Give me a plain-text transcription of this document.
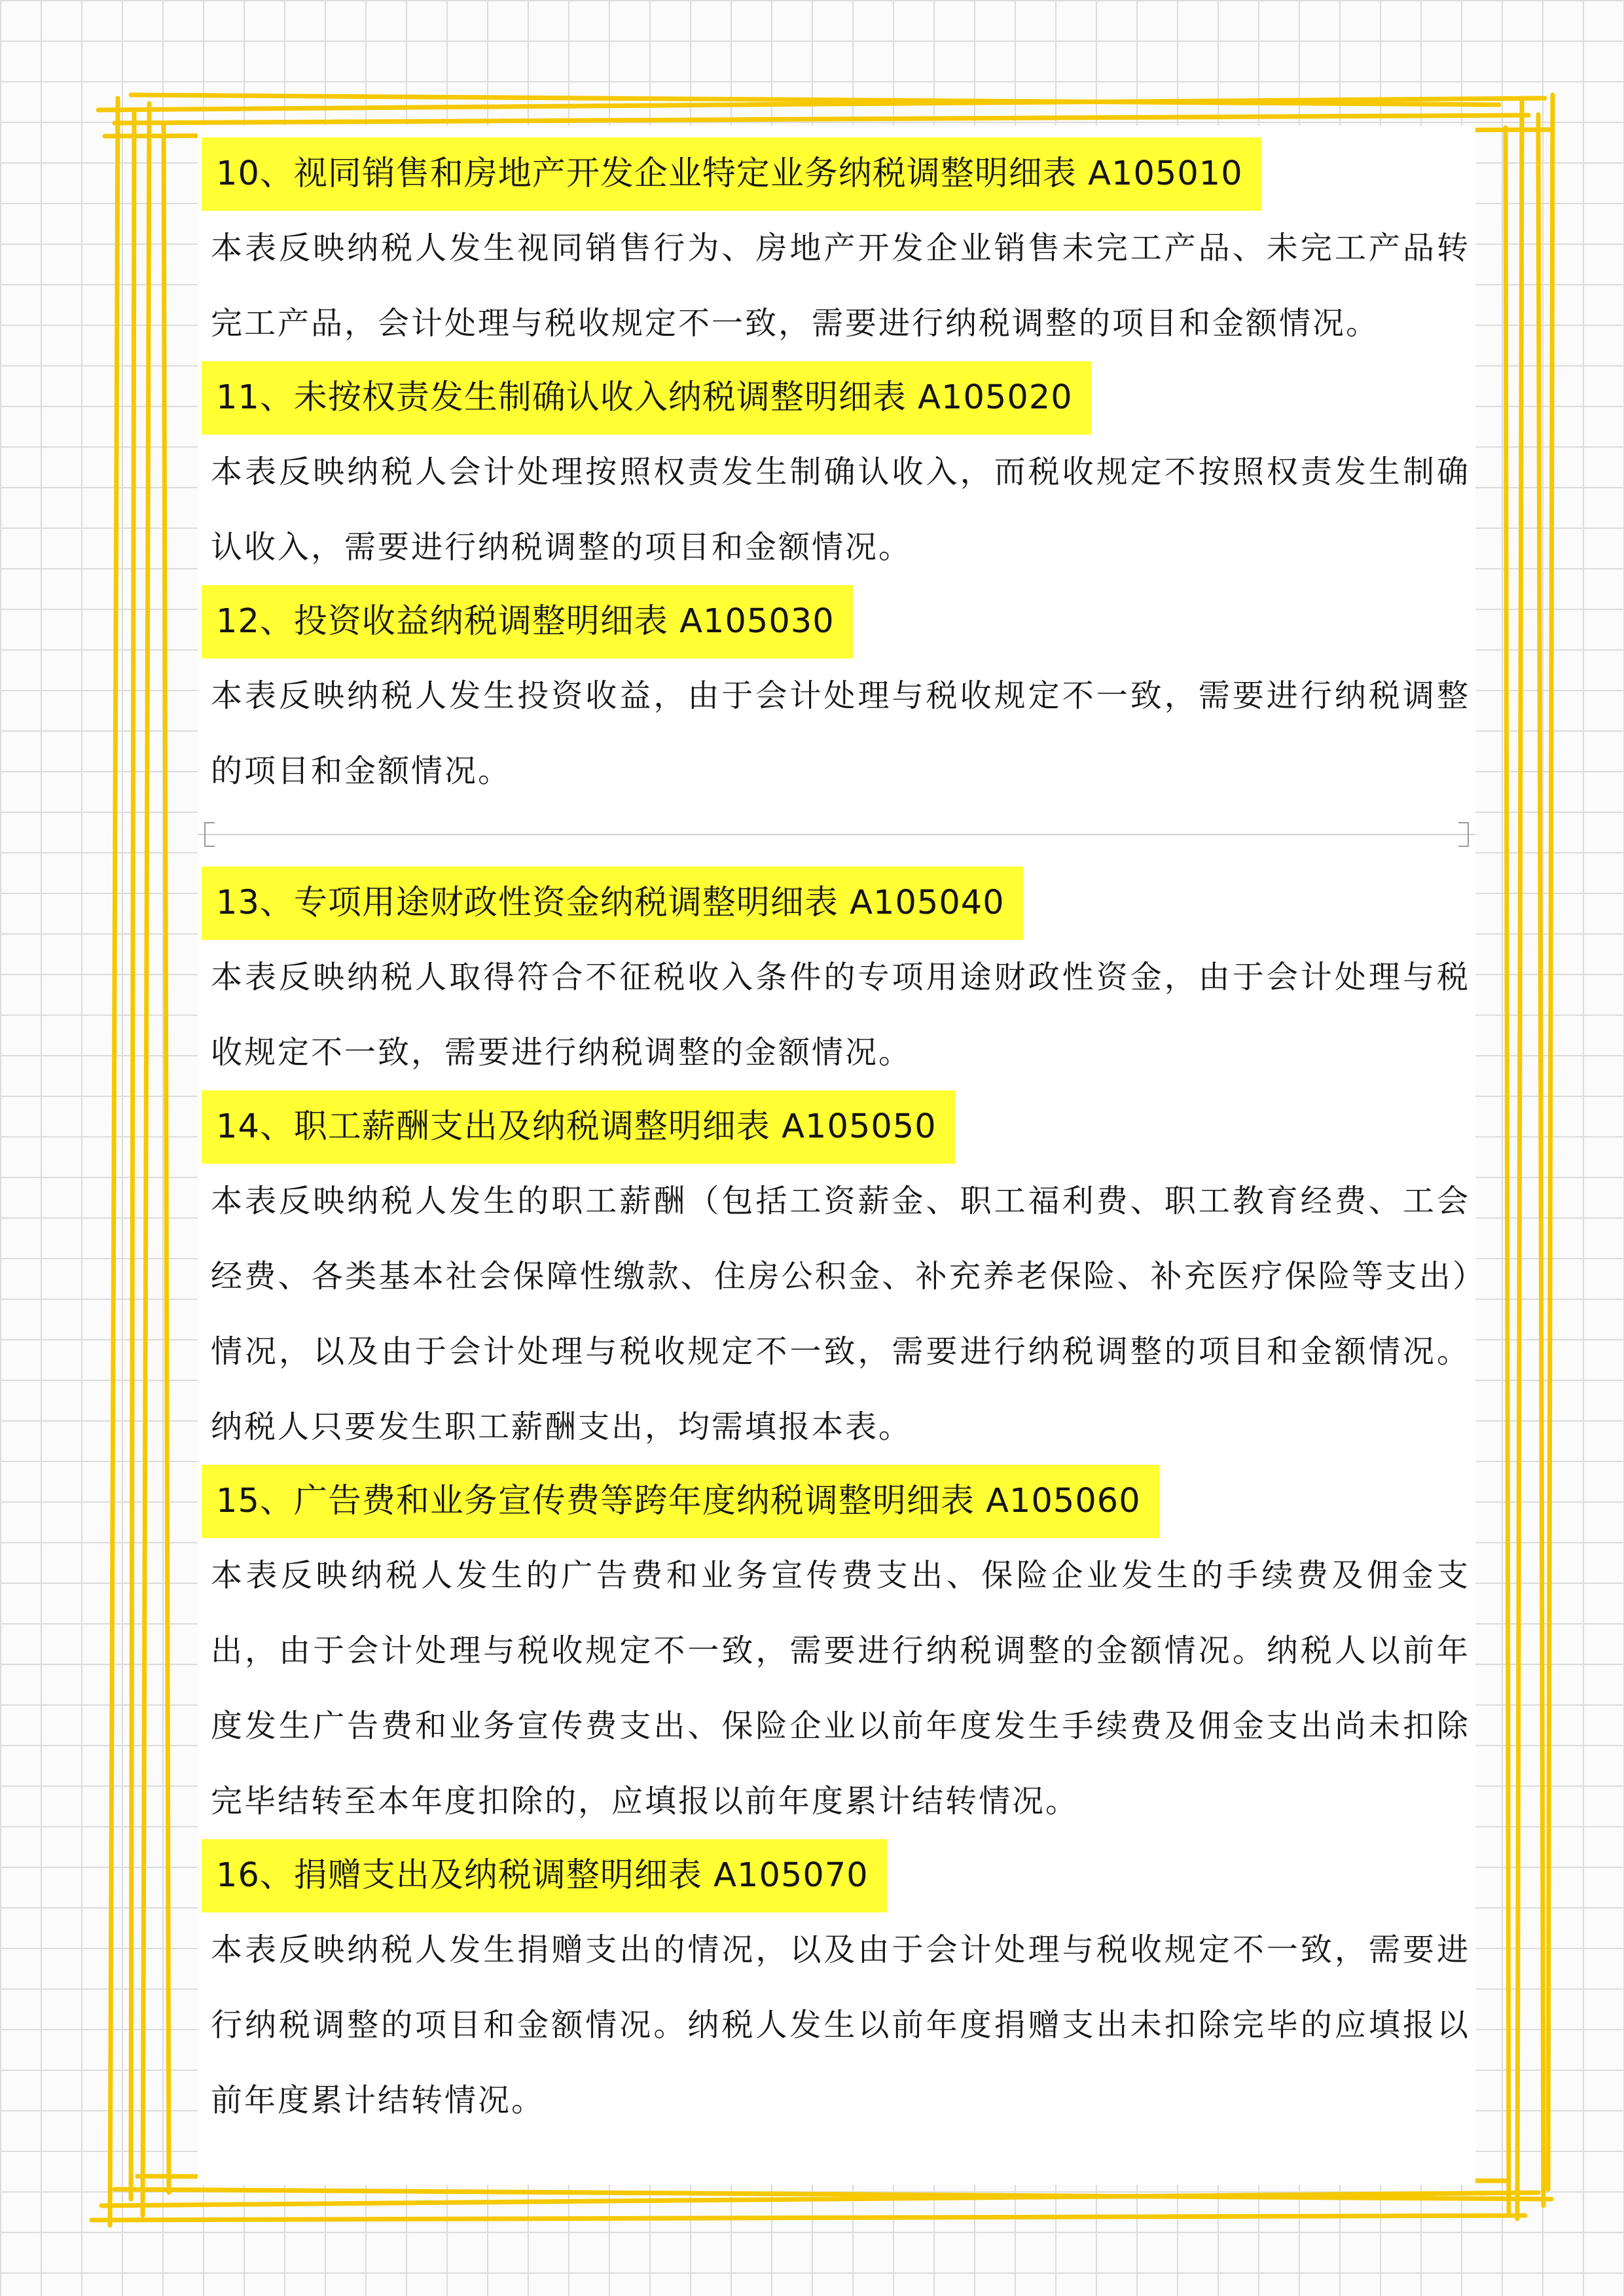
10、视同销售和房地产开发企业特定业务纳税调整明细表 A105010

本表反映纳税人发生视同销售行为、房地产开发企业销售未完工产品、未完工产品转完工产品，会计处理与税收规定不一致，需要进行纳税调整的项目和金额情况。

11、未按权责发生制确认收入纳税调整明细表 A105020

本表反映纳税人会计处理按照权责发生制确认收入，而税收规定不按照权责发生制确认收入，需要进行纳税调整的项目和金额情况。

12、投资收益纳税调整明细表 A105030

本表反映纳税人发生投资收益，由于会计处理与税收规定不一致，需要进行纳税调整的项目和金额情况。

13、专项用途财政性资金纳税调整明细表 A105040

本表反映纳税人取得符合不征税收入条件的专项用途财政性资金，由于会计处理与税收规定不一致，需要进行纳税调整的金额情况。

14、职工薪酬支出及纳税调整明细表 A105050

本表反映纳税人发生的职工薪酬（包括工资薪金、职工福利费、职工教育经费、工会经费、各类基本社会保障性缴款、住房公积金、补充养老保险、补充医疗保险等支出）情况，以及由于会计处理与税收规定不一致，需要进行纳税调整的项目和金额情况。纳税人只要发生职工薪酬支出，均需填报本表。

15、广告费和业务宣传费等跨年度纳税调整明细表 A105060

本表反映纳税人发生的广告费和业务宣传费支出、保险企业发生的手续费及佣金支出，由于会计处理与税收规定不一致，需要进行纳税调整的金额情况。纳税人以前年度发生广告费和业务宣传费支出、保险企业以前年度发生手续费及佣金支出尚未扣除完毕结转至本年度扣除的，应填报以前年度累计结转情况。

16、捐赠支出及纳税调整明细表 A105070

本表反映纳税人发生捐赠支出的情况，以及由于会计处理与税收规定不一致，需要进行纳税调整的项目和金额情况。纳税人发生以前年度捐赠支出未扣除完毕的应填报以前年度累计结转情况。
